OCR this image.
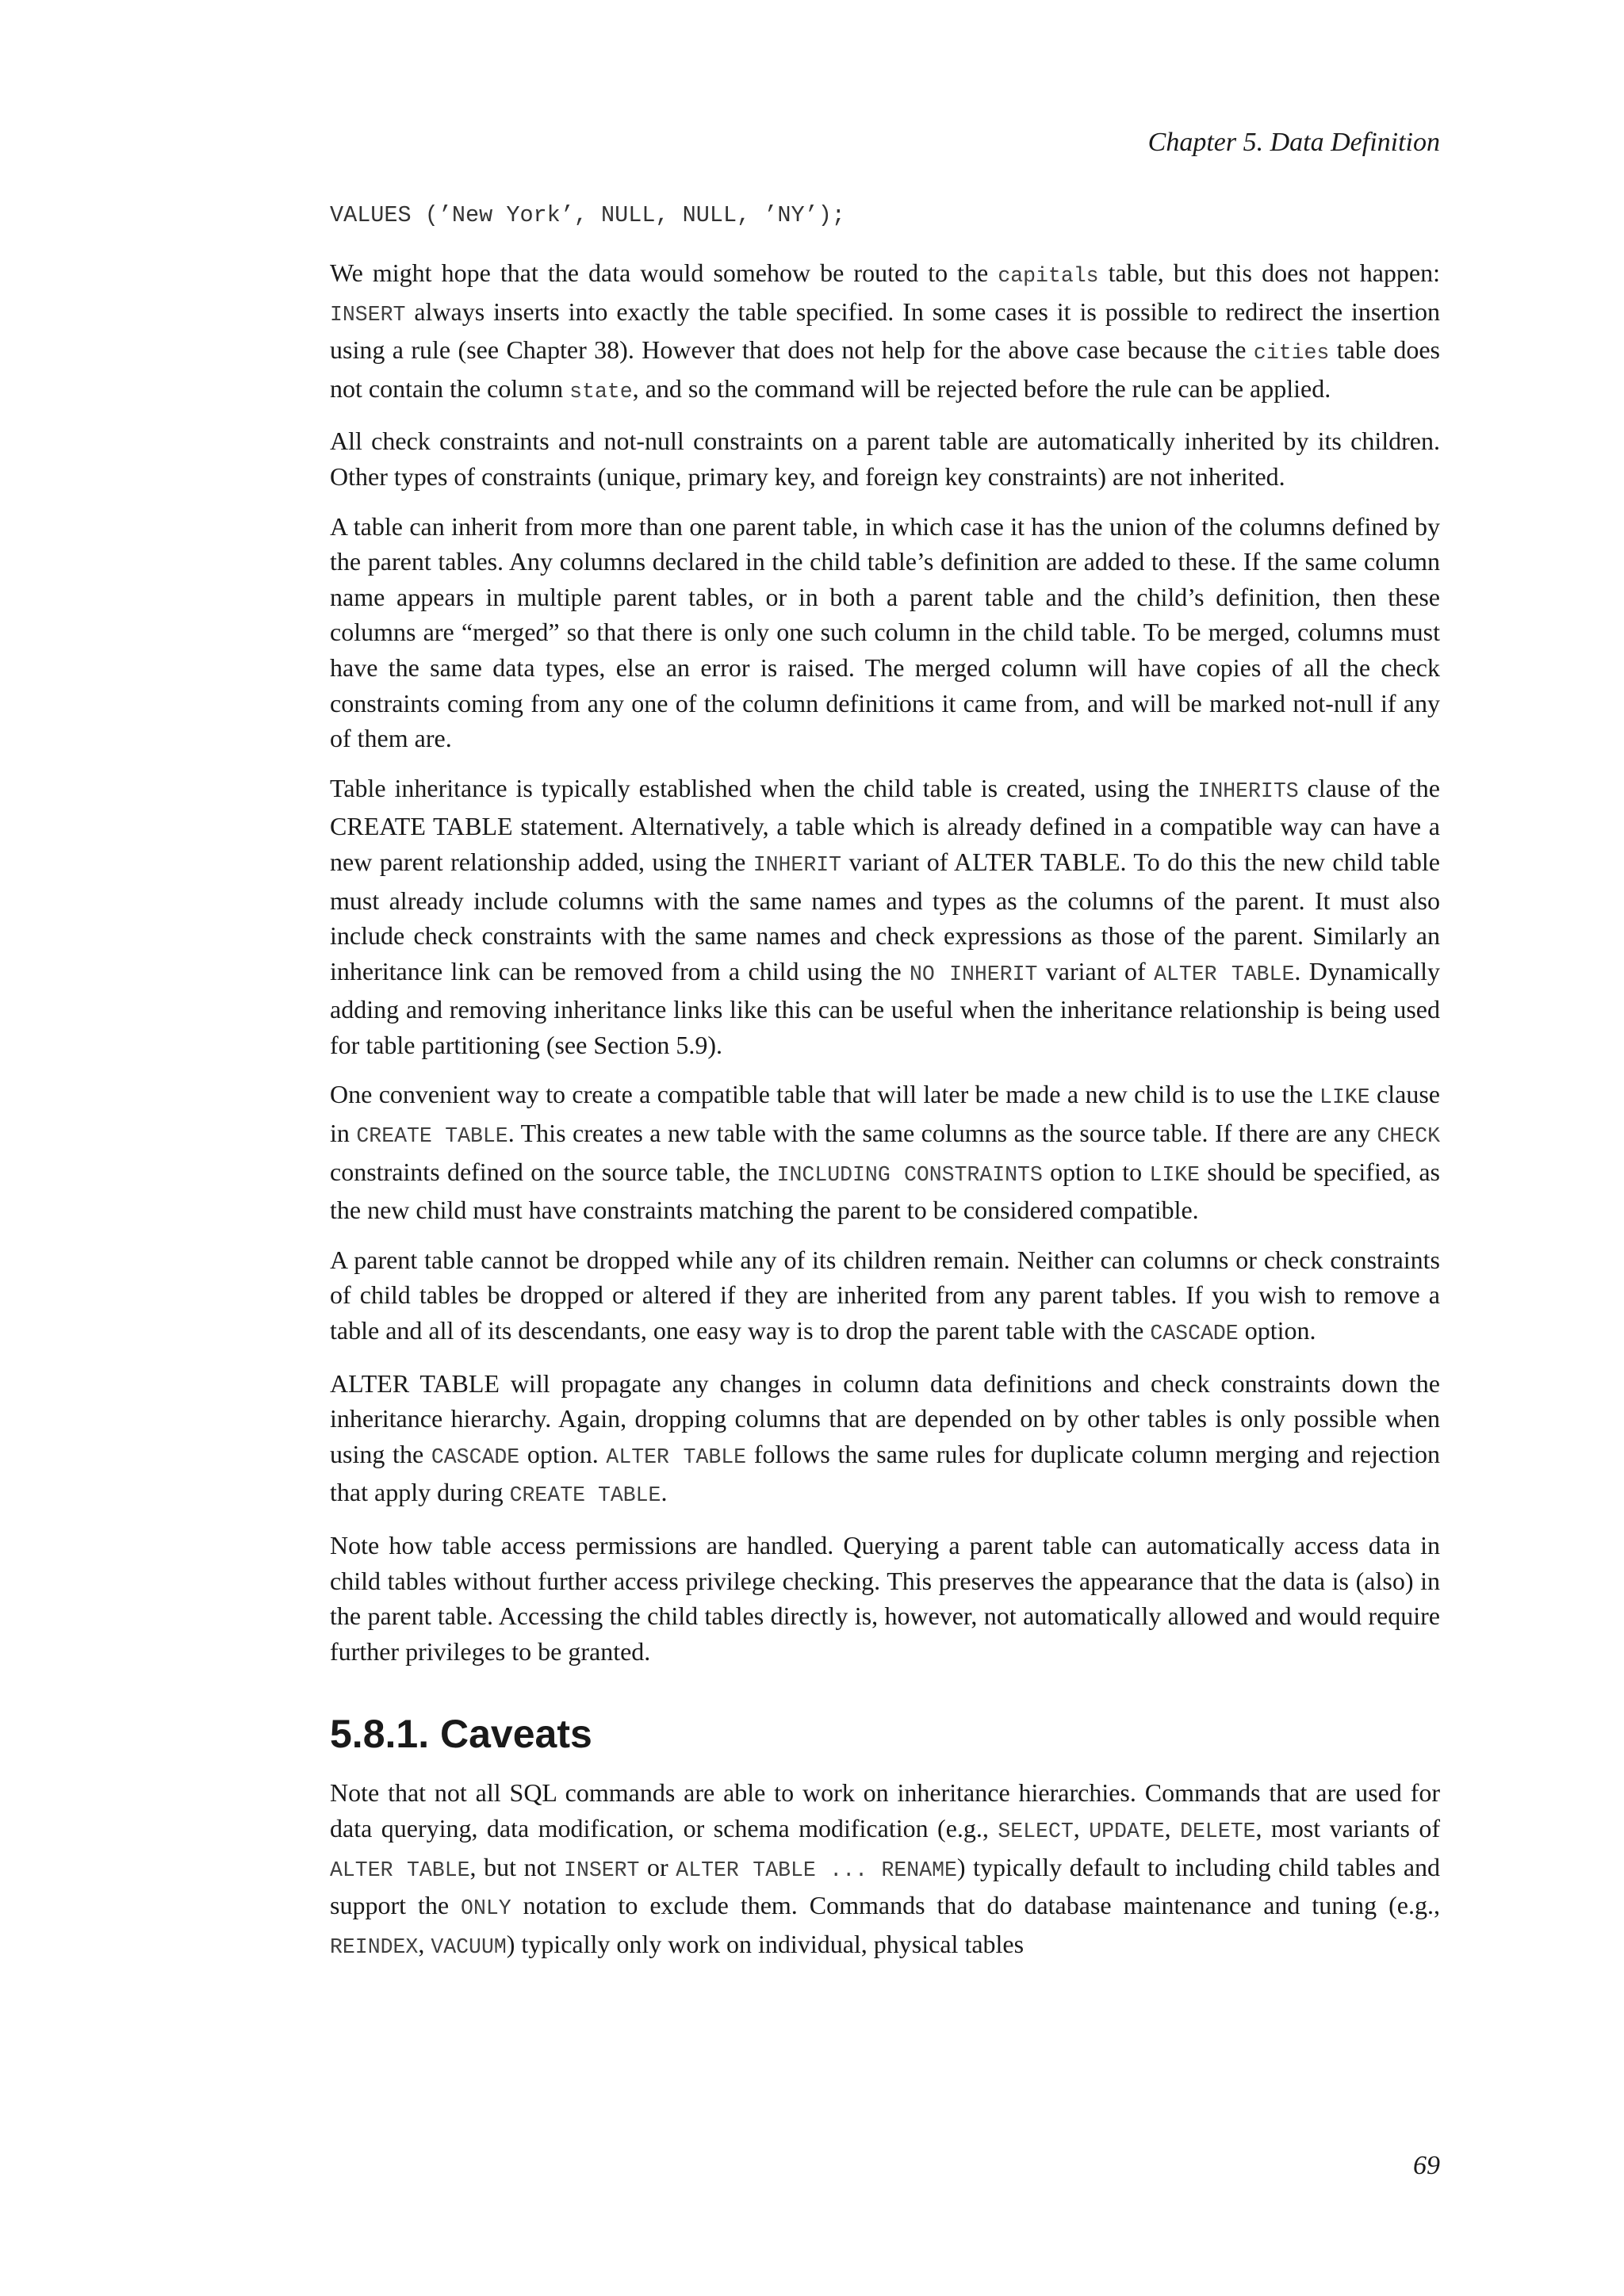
Chapter 5. Data Definition
VALUES (’New York’, NULL, NULL, ’NY’);

We might hope that the data would somehow be routed to the capitals table, but this does not happen: INSERT always inserts into exactly the table specified. In some cases it is possible to redirect the insertion using a rule (see Chapter 38). However that does not help for the above case because the cities table does not contain the column state, and so the command will be rejected before the rule can be applied.

All check constraints and not-null constraints on a parent table are automatically inherited by its children. Other types of constraints (unique, primary key, and foreign key constraints) are not inherited.

A table can inherit from more than one parent table, in which case it has the union of the columns defined by the parent tables. Any columns declared in the child table’s definition are added to these. If the same column name appears in multiple parent tables, or in both a parent table and the child’s definition, then these columns are “merged” so that there is only one such column in the child table. To be merged, columns must have the same data types, else an error is raised. The merged column will have copies of all the check constraints coming from any one of the column definitions it came from, and will be marked not-null if any of them are.

Table inheritance is typically established when the child table is created, using the INHERITS clause of the CREATE TABLE statement. Alternatively, a table which is already defined in a compatible way can have a new parent relationship added, using the INHERIT variant of ALTER TABLE. To do this the new child table must already include columns with the same names and types as the columns of the parent. It must also include check constraints with the same names and check expressions as those of the parent. Similarly an inheritance link can be removed from a child using the NO INHERIT variant of ALTER TABLE. Dynamically adding and removing inheritance links like this can be useful when the inheritance relationship is being used for table partitioning (see Section 5.9).

One convenient way to create a compatible table that will later be made a new child is to use the LIKE clause in CREATE TABLE. This creates a new table with the same columns as the source table. If there are any CHECK constraints defined on the source table, the INCLUDING CONSTRAINTS option to LIKE should be specified, as the new child must have constraints matching the parent to be considered compatible.

A parent table cannot be dropped while any of its children remain. Neither can columns or check constraints of child tables be dropped or altered if they are inherited from any parent tables. If you wish to remove a table and all of its descendants, one easy way is to drop the parent table with the CASCADE option.

ALTER TABLE will propagate any changes in column data definitions and check constraints down the inheritance hierarchy. Again, dropping columns that are depended on by other tables is only possible when using the CASCADE option. ALTER TABLE follows the same rules for duplicate column merging and rejection that apply during CREATE TABLE.

Note how table access permissions are handled. Querying a parent table can automatically access data in child tables without further access privilege checking. This preserves the appearance that the data is (also) in the parent table. Accessing the child tables directly is, however, not automatically allowed and would require further privileges to be granted.

5.8.1. Caveats

Note that not all SQL commands are able to work on inheritance hierarchies. Commands that are used for data querying, data modification, or schema modification (e.g., SELECT, UPDATE, DELETE, most variants of ALTER TABLE, but not INSERT or ALTER TABLE ... RENAME) typically default to including child tables and support the ONLY notation to exclude them. Commands that do database maintenance and tuning (e.g., REINDEX, VACUUM) typically only work on individual, physical tables

69
